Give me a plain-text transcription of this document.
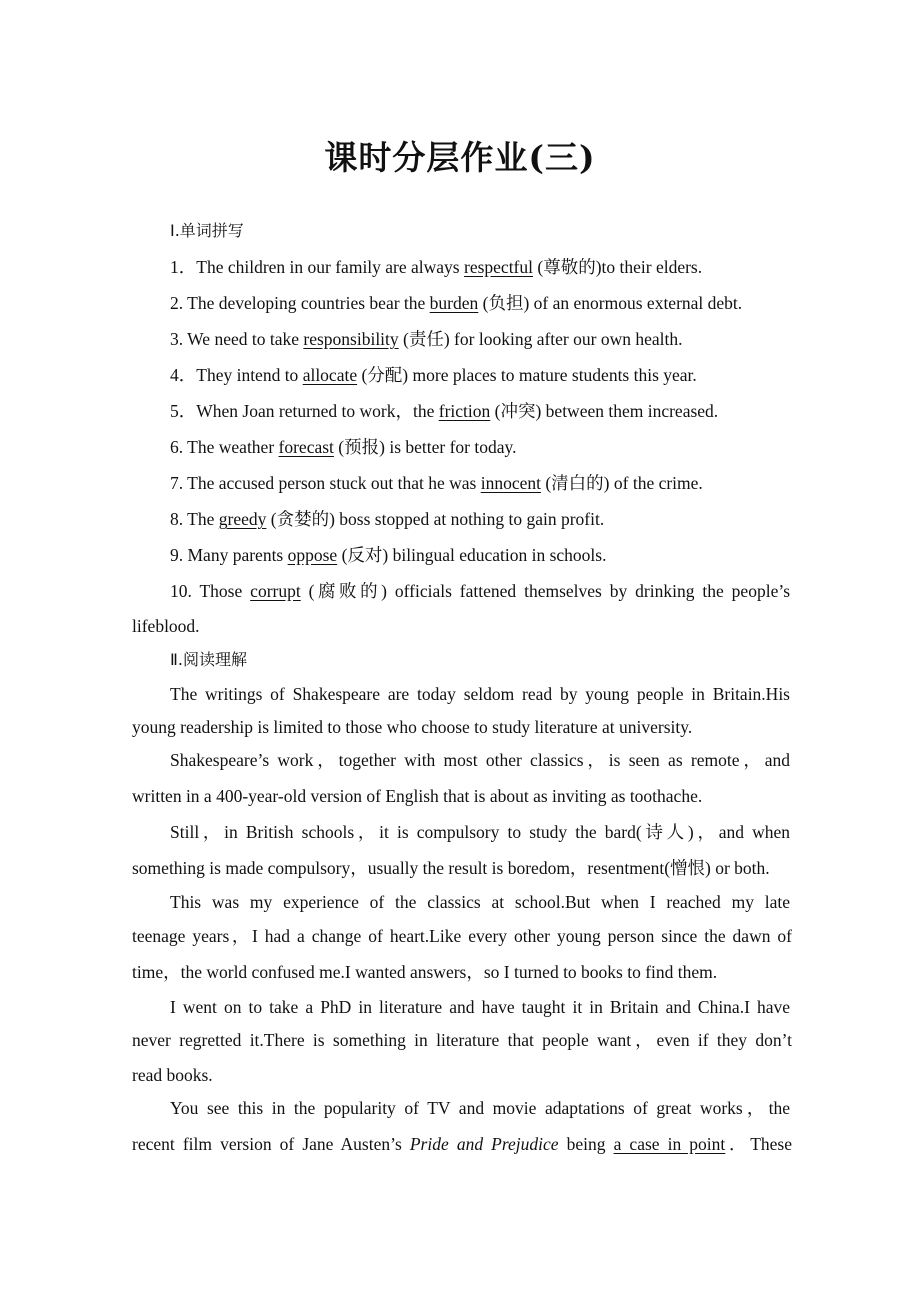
课时分层作业(三)
Ⅰ.单词拼写
1．The children in our family are always respectful (尊敬的)to their elders.
2. The developing countries bear the burden (负担) of an enormous external debt.
3. We need to take responsibility (责任) for looking after our own health.
4．They intend to allocate (分配) more places to mature students this year.
5．When Joan returned to work，the friction (冲突) between them increased.
6. The weather forecast (预报) is better for today.
7. The accused person stuck out that he was innocent (清白的) of the crime.
8. The greedy (贪婪的) boss stopped at nothing to gain profit.
9. Many parents oppose (反对) bilingual education in schools.
10. Those corrupt (腐败的) officials fattened themselves by drinking the people’s
lifeblood.
Ⅱ.阅读理解
The writings of Shakespeare are today seldom read by young people in Britain.His
young readership is limited to those who choose to study literature at university.
Shakespeare’s work，together with most other classics，is seen as remote，and
written in a 400-year-old version of English that is about as inviting as toothache.
Still，in British schools，it is compulsory to study the bard(诗人)，and when
something is made compulsory，usually the result is boredom，resentment(憎恨) or both.
This was my experience of the classics at school.But when I reached my late
teenage years，I had a change of heart.Like every other young person since the dawn of
time，the world confused me.I wanted answers，so I turned to books to find them.
I went on to take a PhD in literature and have taught it in Britain and China.I have
never regretted it.There is something in literature that people want，even if they don’t
read books.
You see this in the popularity of TV and movie adaptations of great works，the
recent film version of Jane Austen’s Pride and Prejudice being a case in point．These
